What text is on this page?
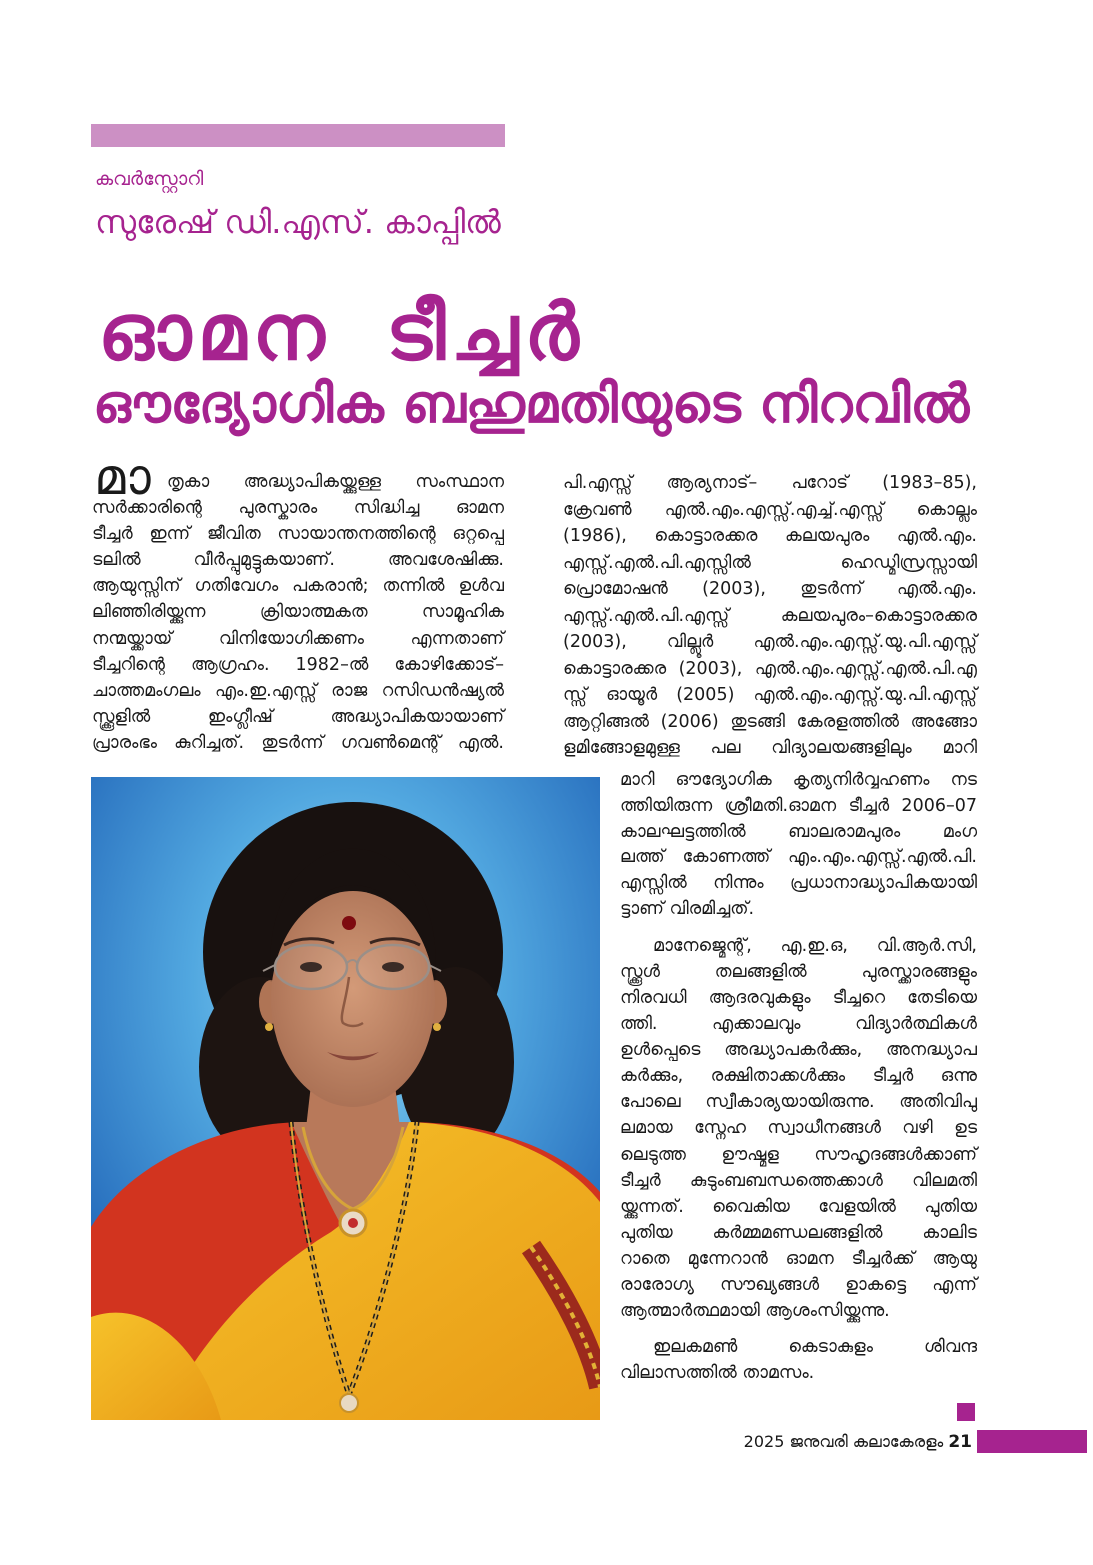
കവർസ്റ്റോറി
സുരേഷ് ഡി.എസ്. കാപ്പിൽ
ഓമന ടീച്ചർ
ഔദ്യോഗിക ബഹുമതിയുടെ നിറവിൽ
മാ തൃകാ അദ്ധ്യാപികയ്ക്കുള്ള സംസ്ഥാന
സർക്കാരിന്റെ പുരസ്കാരം സിദ്ധിച്ച ഓമന
ടീച്ചർ ഇന്ന് ജീവിത സായാന്തനത്തിന്റെ ഒറ്റപ്പെ
ടലിൽ വീർപ്പുമുട്ടുകയാണ്. അവശേഷിക്കു.
ആയുസ്സിന് ഗതിവേഗം പകരാൻ; തന്നിൽ ഉൾവ
ലിഞ്ഞിരിയ്ക്കുന്ന ക്രിയാത്മകത സാമൂഹിക
നന്മയ്ക്കായ് വിനിയോഗിക്കണം എന്നതാണ്
ടീച്ചറിന്റെ ആഗ്രഹം. 1982–ൽ കോഴിക്കോട്–
ചാത്തമംഗലം എം.ഇ.എസ്സ് രാജ റസിഡൻഷ്യൽ
സ്ക്കൂളിൽ ഇംഗ്ലീഷ് അദ്ധ്യാപികയായാണ്
പ്രാരംഭം കുറിച്ചത്. തുടർന്ന് ഗവൺമെന്റ് എൽ.
പി.എസ്സ് ആര്യനാട്– പറോട് (1983–85),
ക്രേവൺ എൽ.എം.എസ്സ്.എച്ച്.എസ്സ് കൊല്ലം
(1986), കൊട്ടാരക്കര കലയപുരം എൽ.എം.
എസ്സ്.എൽ.പി.എസ്സിൽ ഹെഡ്മിസ്രസ്സായി
പ്രൊമോഷൻ (2003), തുടർന്ന് എൽ.എം.
എസ്സ്.എൽ.പി.എസ്സ് കലയപുരം–കൊട്ടാരക്കര
(2003), വില്ലൂർ എൽ.എം.എസ്സ്.യു.പി.എസ്സ്
കൊട്ടാരക്കര (2003), എൽ.എം.എസ്സ്.എൽ.പി.എ
സ്സ് ഓയൂർ (2005) എൽ.എം.എസ്സ്.യു.പി.എസ്സ്
ആറ്റിങ്ങൽ (2006) തുടങ്ങി കേരളത്തിൽ അങ്ങോ
ളമിങ്ങോളമുള്ള പല വിദ്യാലയങ്ങളിലും മാറി
മാറി ഔദ്യോഗിക കൃത്യനിർവ്വഹണം നട
ത്തിയിരുന്ന ശ്രീമതി.ഓമന ടീച്ചർ 2006–07
കാലഘട്ടത്തിൽ ബാലരാമപുരം മംഗ
ലത്ത് കോണത്ത് എം.എം.എസ്സ്.എൽ.പി.
എസ്സിൽ നിന്നും പ്രധാനാദ്ധ്യാപികയായി
ട്ടാണ് വിരമിച്ചത്.
മാനേജ്മെന്റ്, എ.ഇ.ഒ, വി.ആർ.സി,
സ്ക്കൂൾ തലങ്ങളിൽ പുരസ്ക്കാരങ്ങളും
നിരവധി ആദരവുകളും ടീച്ചറെ തേടിയെ
ത്തി. എക്കാലവും വിദ്യാർത്ഥികൾ
ഉൾപ്പെടെ അദ്ധ്യാപകർക്കും, അനദ്ധ്യാപ
കർക്കും, രക്ഷിതാക്കൾക്കും ടീച്ചർ ഒന്നു
പോലെ സ്വീകാര്യയായിരുന്നു. അതിവിപു
ലമായ സ്നേഹ സ്വാധീനങ്ങൾ വഴി ഉട
ലെടുത്ത ഊഷ്മള സൗഹൃദങ്ങൾക്കാണ്
ടീച്ചർ കുടുംബബന്ധത്തെക്കാൾ വിലമതി
യ്ക്കുന്നത്. വൈകിയ വേളയിൽ പുതിയ
പുതിയ കർമ്മമണ്ഡലങ്ങളിൽ കാലിട
റാതെ മുന്നേറാൻ ഓമന ടീച്ചർക്ക് ആയു
രാരോഗ്യ സൗഖ്യങ്ങൾ ഉാകട്ടെ എന്ന്
ആത്മാർത്ഥമായി ആശംസിയ്ക്കുന്നു.
ഇലകമൺ കെടാകുളം ശിവന്ദ
വിലാസത്തിൽ താമസം.
2025 ജനുവരി കലാകേരളം 21
